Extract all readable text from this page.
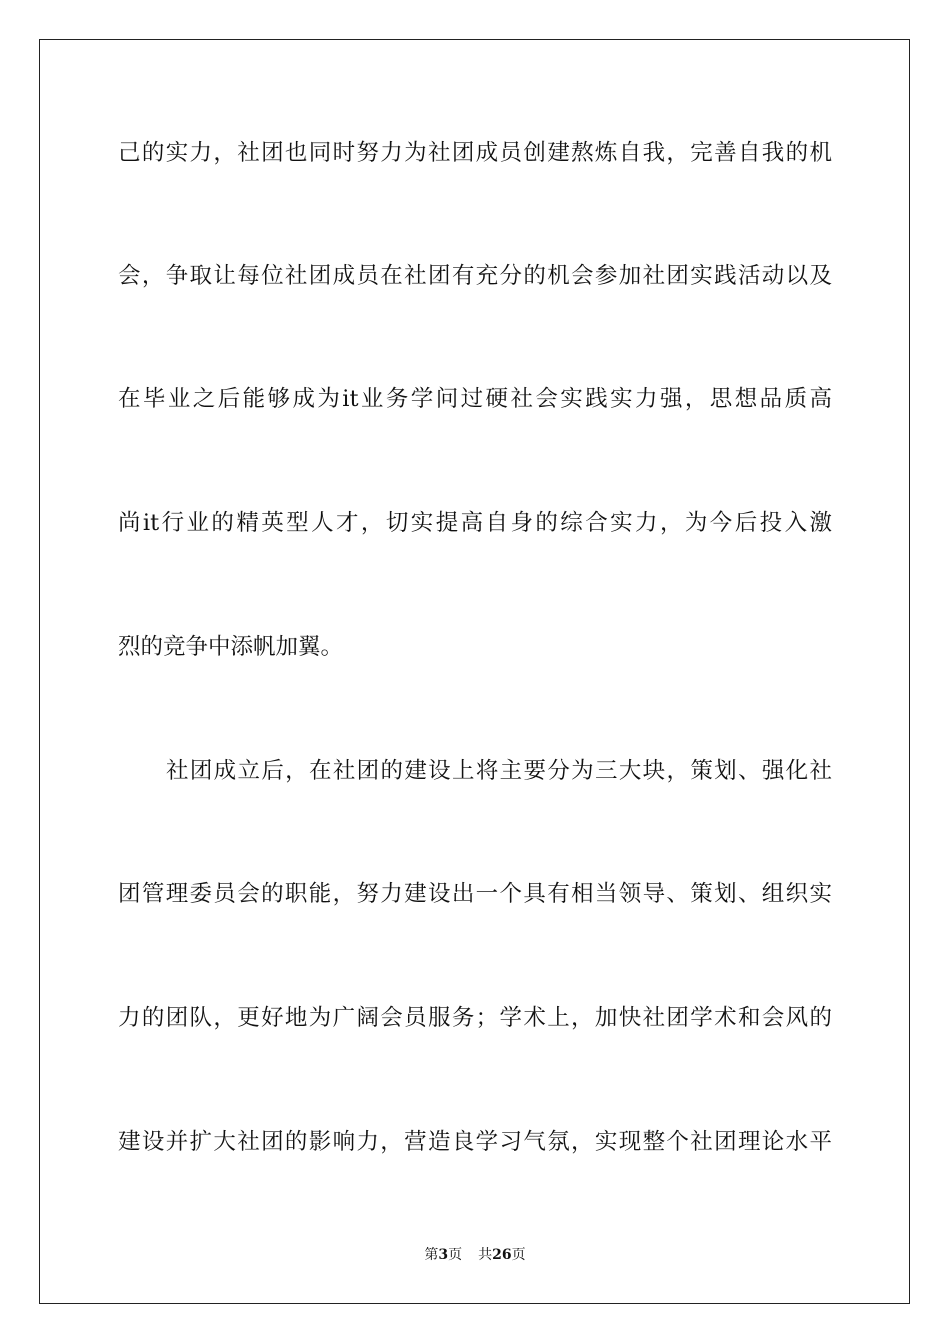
己的实力，社团也同时努力为社团成员创建熬炼自我，完善自我的机
会，争取让每位社团成员在社团有充分的机会参加社团实践活动以及
在毕业之后能够成为it业务学问过硬社会实践实力强，思想品质高
尚it行业的精英型人才，切实提高自身的综合实力，为今后投入激
烈的竞争中添帆加翼。
社团成立后，在社团的建设上将主要分为三大块，策划、强化社
团管理委员会的职能，努力建设出一个具有相当领导、策划、组织实
力的团队，更好地为广阔会员服务；学术上，加快社团学术和会风的
建设并扩大社团的影响力，营造良学习气氛，实现整个社团理论水平
第3页 共26页
